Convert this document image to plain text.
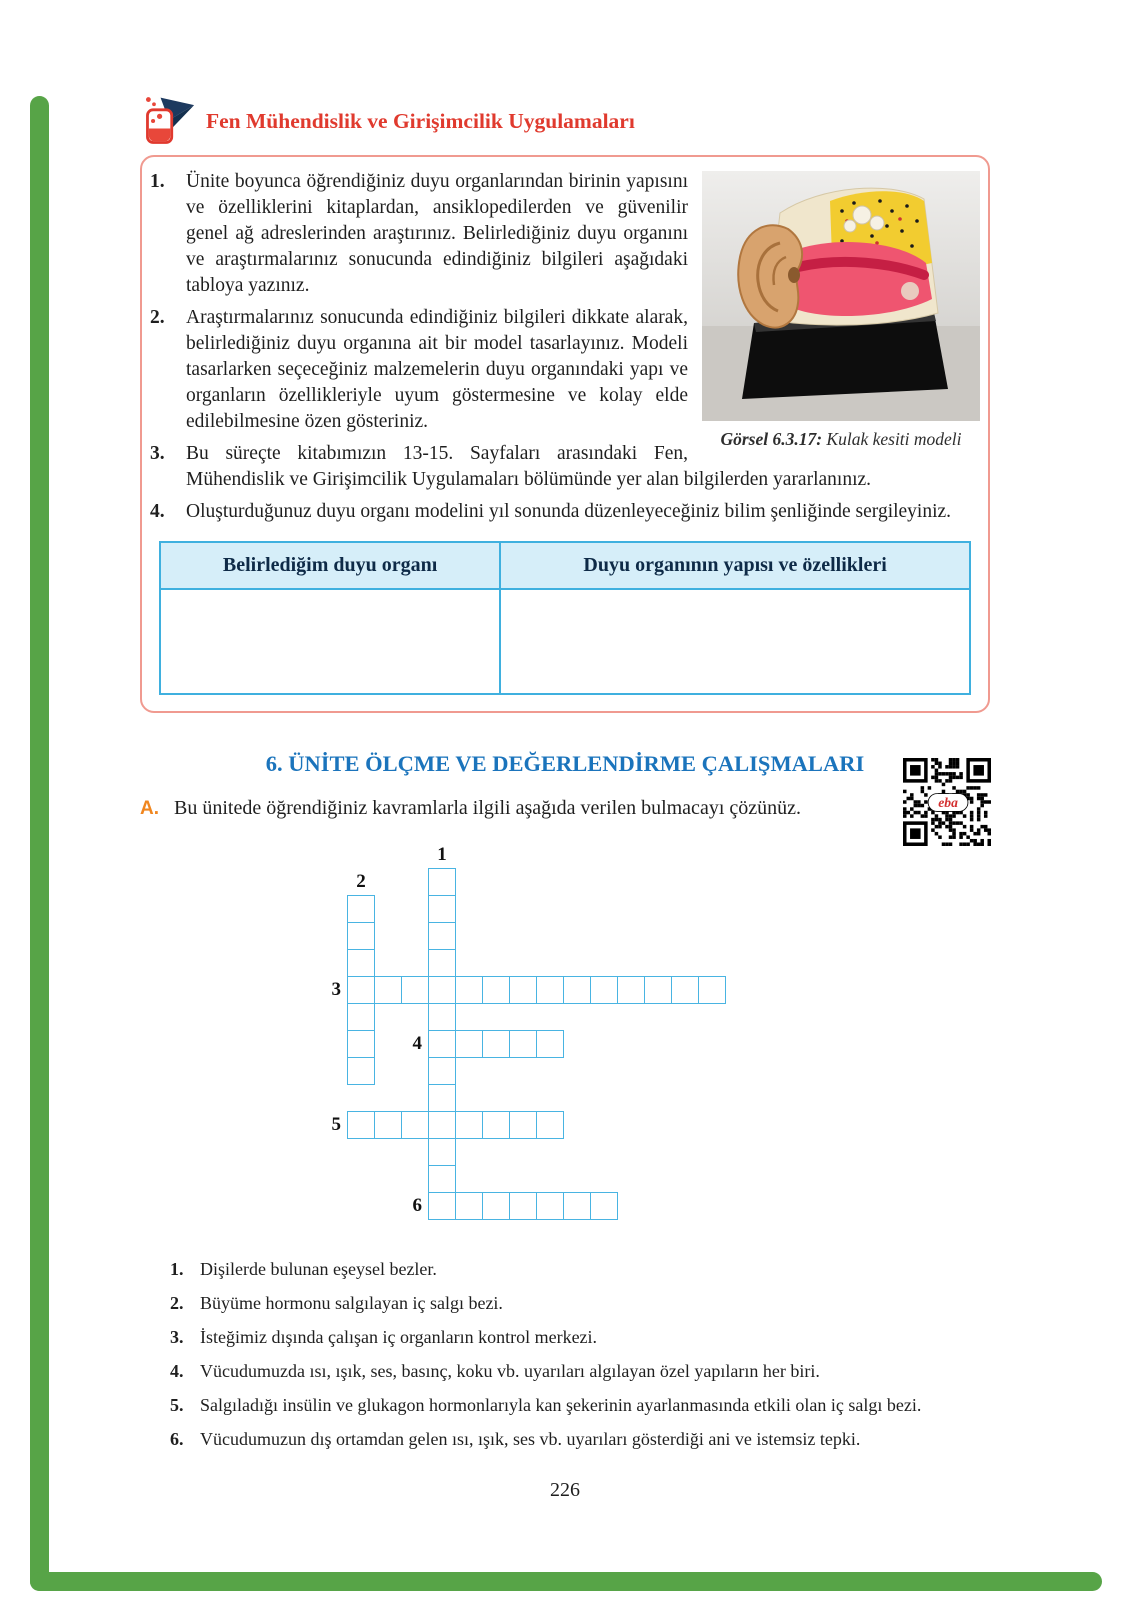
eba
Fen Mühendislik ve Girişimcilik Uygulamaları
Görsel 6.3.17: Kulak kesiti modeli

1. Ünite boyunca öğrendiğiniz duyu organlarından birinin yapısını ve özelliklerini kitaplardan, ansiklopedilerden ve güvenilir genel ağ adreslerinden araştırınız. Belirlediğiniz duyu organını ve araştırmalarınız sonucunda edindiğiniz bilgileri aşağıdaki tabloya yazınız.

2. Araştırmalarınız sonucunda edindiğiniz bilgileri dikkate alarak, belirlediğiniz duyu organına ait bir model tasarlayınız. Modeli tasarlarken seçeceğiniz malzemelerin duyu organındaki yapı ve organların özellikleriyle uyum göstermesine ve kolay elde edilebilmesine özen gösteriniz.

3. Bu süreçte kitabımızın 13-15. Sayfaları arasındaki Fen, Mühendislik ve Girişimcilik Uygulamaları bölümünde yer alan bilgilerden yararlanınız.

4. Oluşturduğunuz duyu organı modelini yıl sonunda düzenleyeceğiniz bilim şenliğinde sergileyiniz.

Belirlediğim duyu organı	Duyu organının yapısı ve özellikleri

6. ÜNİTE ÖLÇME VE DEĞERLENDİRME ÇALIŞMALARI

A. Bu ünitede öğrendiğiniz kavramlarla ilgili aşağıda verilen bulmacayı çözünüz.

1
2
3
4
5
6
1. Dişilerde bulunan eşeysel bezler.
2. Büyüme hormonu salgılayan iç salgı bezi.
3. İsteğimiz dışında çalışan iç organların kontrol merkezi.
4. Vücudumuzda ısı, ışık, ses, basınç, koku vb. uyarıları algılayan özel yapıların her biri.
5. Salgıladığı insülin ve glukagon hormonlarıyla kan şekerinin ayarlanmasında etkili olan iç salgı bezi.
6. Vücudumuzun dış ortamdan gelen ısı, ışık, ses vb. uyarıları gösterdiği ani ve istemsiz tepki.
226
